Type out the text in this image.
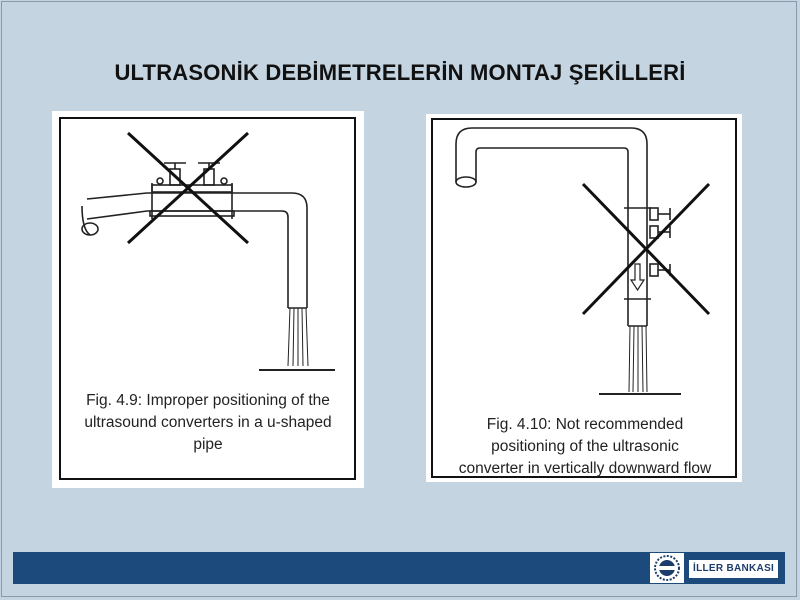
ULTRASONİK DEBİMETRELERİN MONTAJ ŞEKİLLERİ
Fig. 4.9: Improper positioning of the
ultrasound converters in a u-shaped
pipe
Fig. 4.10: Not recommended
positioning of the ultrasonic
converter in vertically downward flow
İLLER BANKASI
